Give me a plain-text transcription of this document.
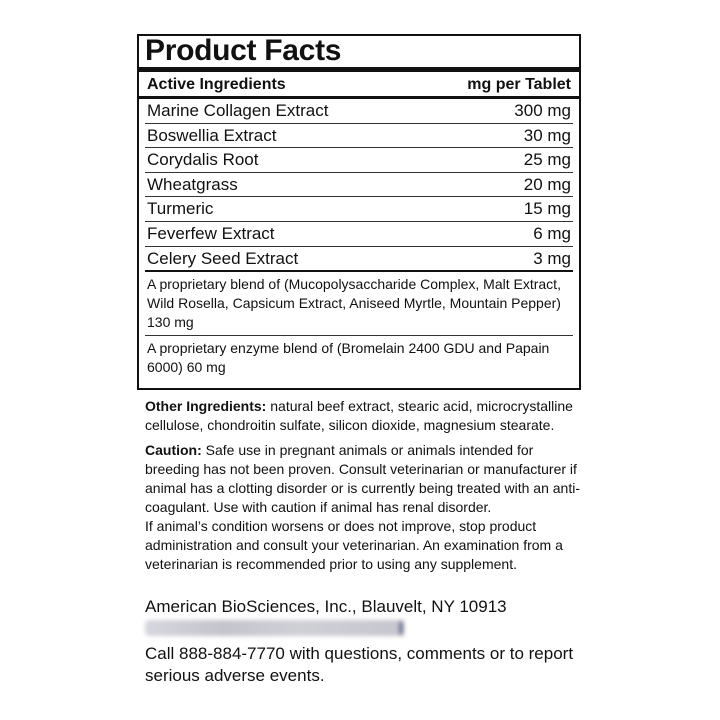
Product Facts
Active Ingredients	mg per Tablet
Marine Collagen Extract	300 mg
Boswellia Extract	30 mg
Corydalis Root	25 mg
Wheatgrass	20 mg
Turmeric	15 mg
Feverfew Extract	6 mg
Celery Seed Extract	3 mg
A proprietary blend of (Mucopolysaccharide Complex, Malt Extract, Wild Rosella, Capsicum Extract, Aniseed Myrtle, Mountain Pepper) 130 mg
A proprietary enzyme blend of (Bromelain 2400 GDU and Papain 6000) 60 mg

Other Ingredients: natural beef extract, stearic acid, microcrystalline cellulose, chondroitin sulfate, silicon dioxide, magnesium stearate.

Caution: Safe use in pregnant animals or animals intended for breeding has not been proven. Consult veterinarian or manufacturer if animal has a clotting disorder or is currently being treated with an anti-coagulant. Use with caution if animal has renal disorder.

If animal’s condition worsens or does not improve, stop product administration and consult your veterinarian. An examination from a veterinarian is recommended prior to using any supplement.

American BioSciences, Inc., Blauvelt, NY 10913
Call 888-884-7770 with questions, comments or to report serious adverse events.
